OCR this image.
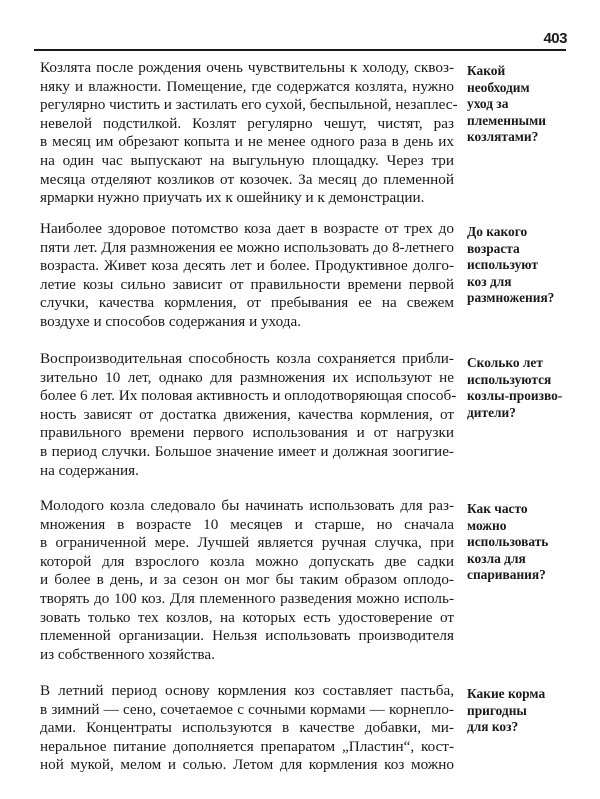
403
Козлята после рождения очень чувствительны к холоду, сквоз-
няку и влажности. Помещение, где содержатся козлята, нужно
регулярно чистить и застилать его сухой, беспыльной, незаплес-
невелой подстилкой. Козлят регулярно чешут, чистят, раз
в месяц им обрезают копыта и не менее одного раза в день их
на один час выпускают на выгульную площадку. Через три
месяца отделяют козликов от козочек. За месяц до племенной
ярмарки нужно приучать их к ошейнику и к демонстрации.
Какой
необходим
уход за
племенными
козлятами?
Наиболее здоровое потомство коза дает в возрасте от трех до
пяти лет. Для размножения ее можно использовать до 8-летнего
возраста. Живет коза десять лет и более. Продуктивное долго-
летие козы сильно зависит от правильности времени первой
случки, качества кормления, от пребывания ее на свежем
воздухе и способов содержания и ухода.
До какого
возраста
используют
коз для
размножения?
Воспроизводительная способность козла сохраняется прибли-
зительно 10 лет, однако для размножения их используют не
более 6 лет. Их половая активность и оплодотворяющая способ-
ность зависят от достатка движения, качества кормления, от
правильного времени первого использования и от нагрузки
в период случки. Большое значение имеет и должная зоогигие-
на содержания.
Сколько лет
используются
козлы-произво-
дители?
Молодого козла следовало бы начинать использовать для раз-
множения в возрасте 10 месяцев и старше, но сначала
в ограниченной мере. Лучшей является ручная случка, при
которой для взрослого козла можно допускать две садки
и более в день, и за сезон он мог бы таким образом оплодо-
творять до 100 коз. Для племенного разведения можно исполь-
зовать только тех козлов, на которых есть удостоверение от
племенной организации. Нельзя использовать производителя
из собственного хозяйства.
Как часто
можно
использовать
козла для
спаривания?
В летний период основу кормления коз составляет пастьба,
в зимний — сено, сочетаемое с сочными кормами — корнепло-
дами. Концентраты используются в качестве добавки, ми-
неральное питание дополняется препаратом „Пластин“, кост-
ной мукой, мелом и солью. Летом для кормления коз можно
Какие корма
пригодны
для коз?
